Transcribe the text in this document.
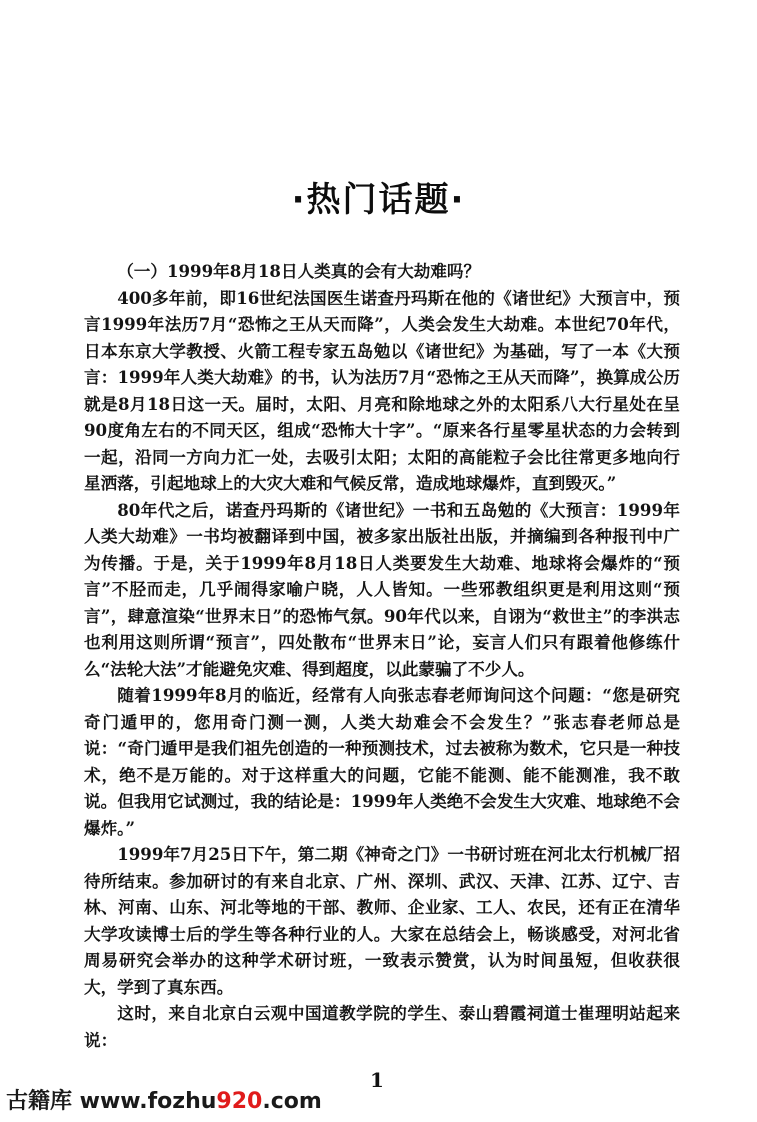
·热门话题·

（一）1999年8月18日人类真的会有大劫难吗？

400多年前，即16世纪法国医生诺查丹玛斯在他的《诸世纪》大预言中，预言1999年法历7月“恐怖之王从天而降”，人类会发生大劫难。本世纪70年代，日本东京大学教授、火箭工程专家五岛勉以《诸世纪》为基础，写了一本《大预言：1999年人类大劫难》的书，认为法历7月“恐怖之王从天而降”，换算成公历就是8月18日这一天。届时，太阳、月亮和除地球之外的太阳系八大行星处在呈90度角左右的不同天区，组成“恐怖大十字”。“原来各行星零星状态的力会转到一起，沿同一方向力汇一处，去吸引太阳；太阳的高能粒子会比往常更多地向行星洒落，引起地球上的大灾大难和气候反常，造成地球爆炸，直到毁灭。”

80年代之后，诺查丹玛斯的《诸世纪》一书和五岛勉的《大预言：1999年人类大劫难》一书均被翻译到中国，被多家出版社出版，并摘编到各种报刊中广为传播。于是，关于1999年8月18日人类要发生大劫难、地球将会爆炸的“预言”不胫而走，几乎闹得家喻户晓，人人皆知。一些邪教组织更是利用这则“预言”，肆意渲染“世界末日”的恐怖气氛。90年代以来，自诩为“救世主”的李洪志也利用这则所谓“预言”，四处散布“世界末日”论，妄言人们只有跟着他修练什么“法轮大法”才能避免灾难、得到超度，以此蒙骗了不少人。

随着1999年8月的临近，经常有人向张志春老师询问这个问题：“您是研究奇门遁甲的，您用奇门测一测，人类大劫难会不会发生？”张志春老师总是说：“奇门遁甲是我们祖先创造的一种预测技术，过去被称为数术，它只是一种技术，绝不是万能的。对于这样重大的问题，它能不能测、能不能测准，我不敢说。但我用它试测过，我的结论是：1999年人类绝不会发生大灾难、地球绝不会爆炸。”

1999年7月25日下午，第二期《神奇之门》一书研讨班在河北太行机械厂招待所结束。参加研讨的有来自北京、广州、深圳、武汉、天津、江苏、辽宁、吉林、河南、山东、河北等地的干部、教师、企业家、工人、农民，还有正在清华大学攻读博士后的学生等各种行业的人。大家在总结会上，畅谈感受，对河北省周易研究会举办的这种学术研讨班，一致表示赞赏，认为时间虽短，但收获很大，学到了真东西。

这时，来自北京白云观中国道教学院的学生、泰山碧霞祠道士崔理明站起来说：

1
古籍库 www.fozhu920.com
